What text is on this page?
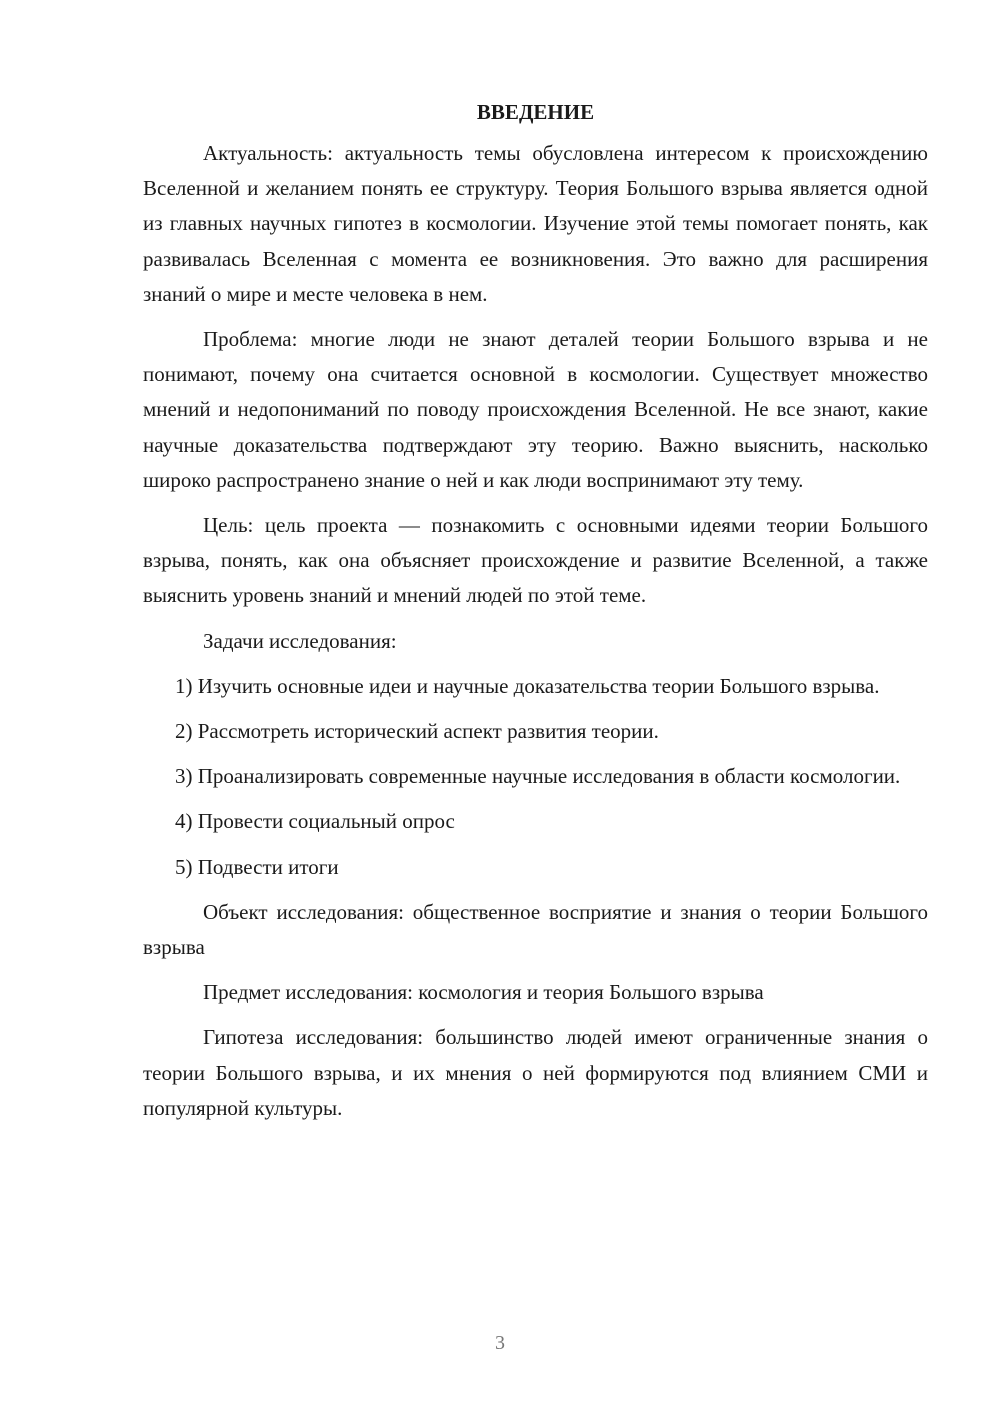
ВВЕДЕНИЕ

Актуальность: актуальность темы обусловлена интересом к происхождению Вселенной и желанием понять ее структуру. Теория Большого взрыва является одной из главных научных гипотез в космологии. Изучение этой темы помогает понять, как развивалась Вселенная с момента ее возникновения. Это важно для расширения знаний о мире и месте человека в нем.

Проблема: многие люди не знают деталей теории Большого взрыва и не понимают, почему она считается основной в космологии. Существует множество мнений и недопониманий по поводу происхождения Вселенной. Не все знают, какие научные доказательства подтверждают эту теорию. Важно выяснить, насколько широко распространено знание о ней и как люди воспринимают эту тему.

Цель: цель проекта — познакомить с основными идеями теории Большого взрыва, понять, как она объясняет происхождение и развитие Вселенной, а также выяснить уровень знаний и мнений людей по этой теме.

Задачи исследования:

1) Изучить основные идеи и научные доказательства теории Большого взрыва.

2) Рассмотреть исторический аспект развития теории.

3) Проанализировать современные научные исследования в области космологии.

4) Провести социальный опрос

5) Подвести итоги

Объект исследования: общественное восприятие и знания о теории Большого взрыва

Предмет исследования: космология и теория Большого взрыва

Гипотеза исследования: большинство людей имеют ограниченные знания о теории Большого взрыва, и их мнения о ней формируются под влиянием СМИ и популярной культуры.

3
